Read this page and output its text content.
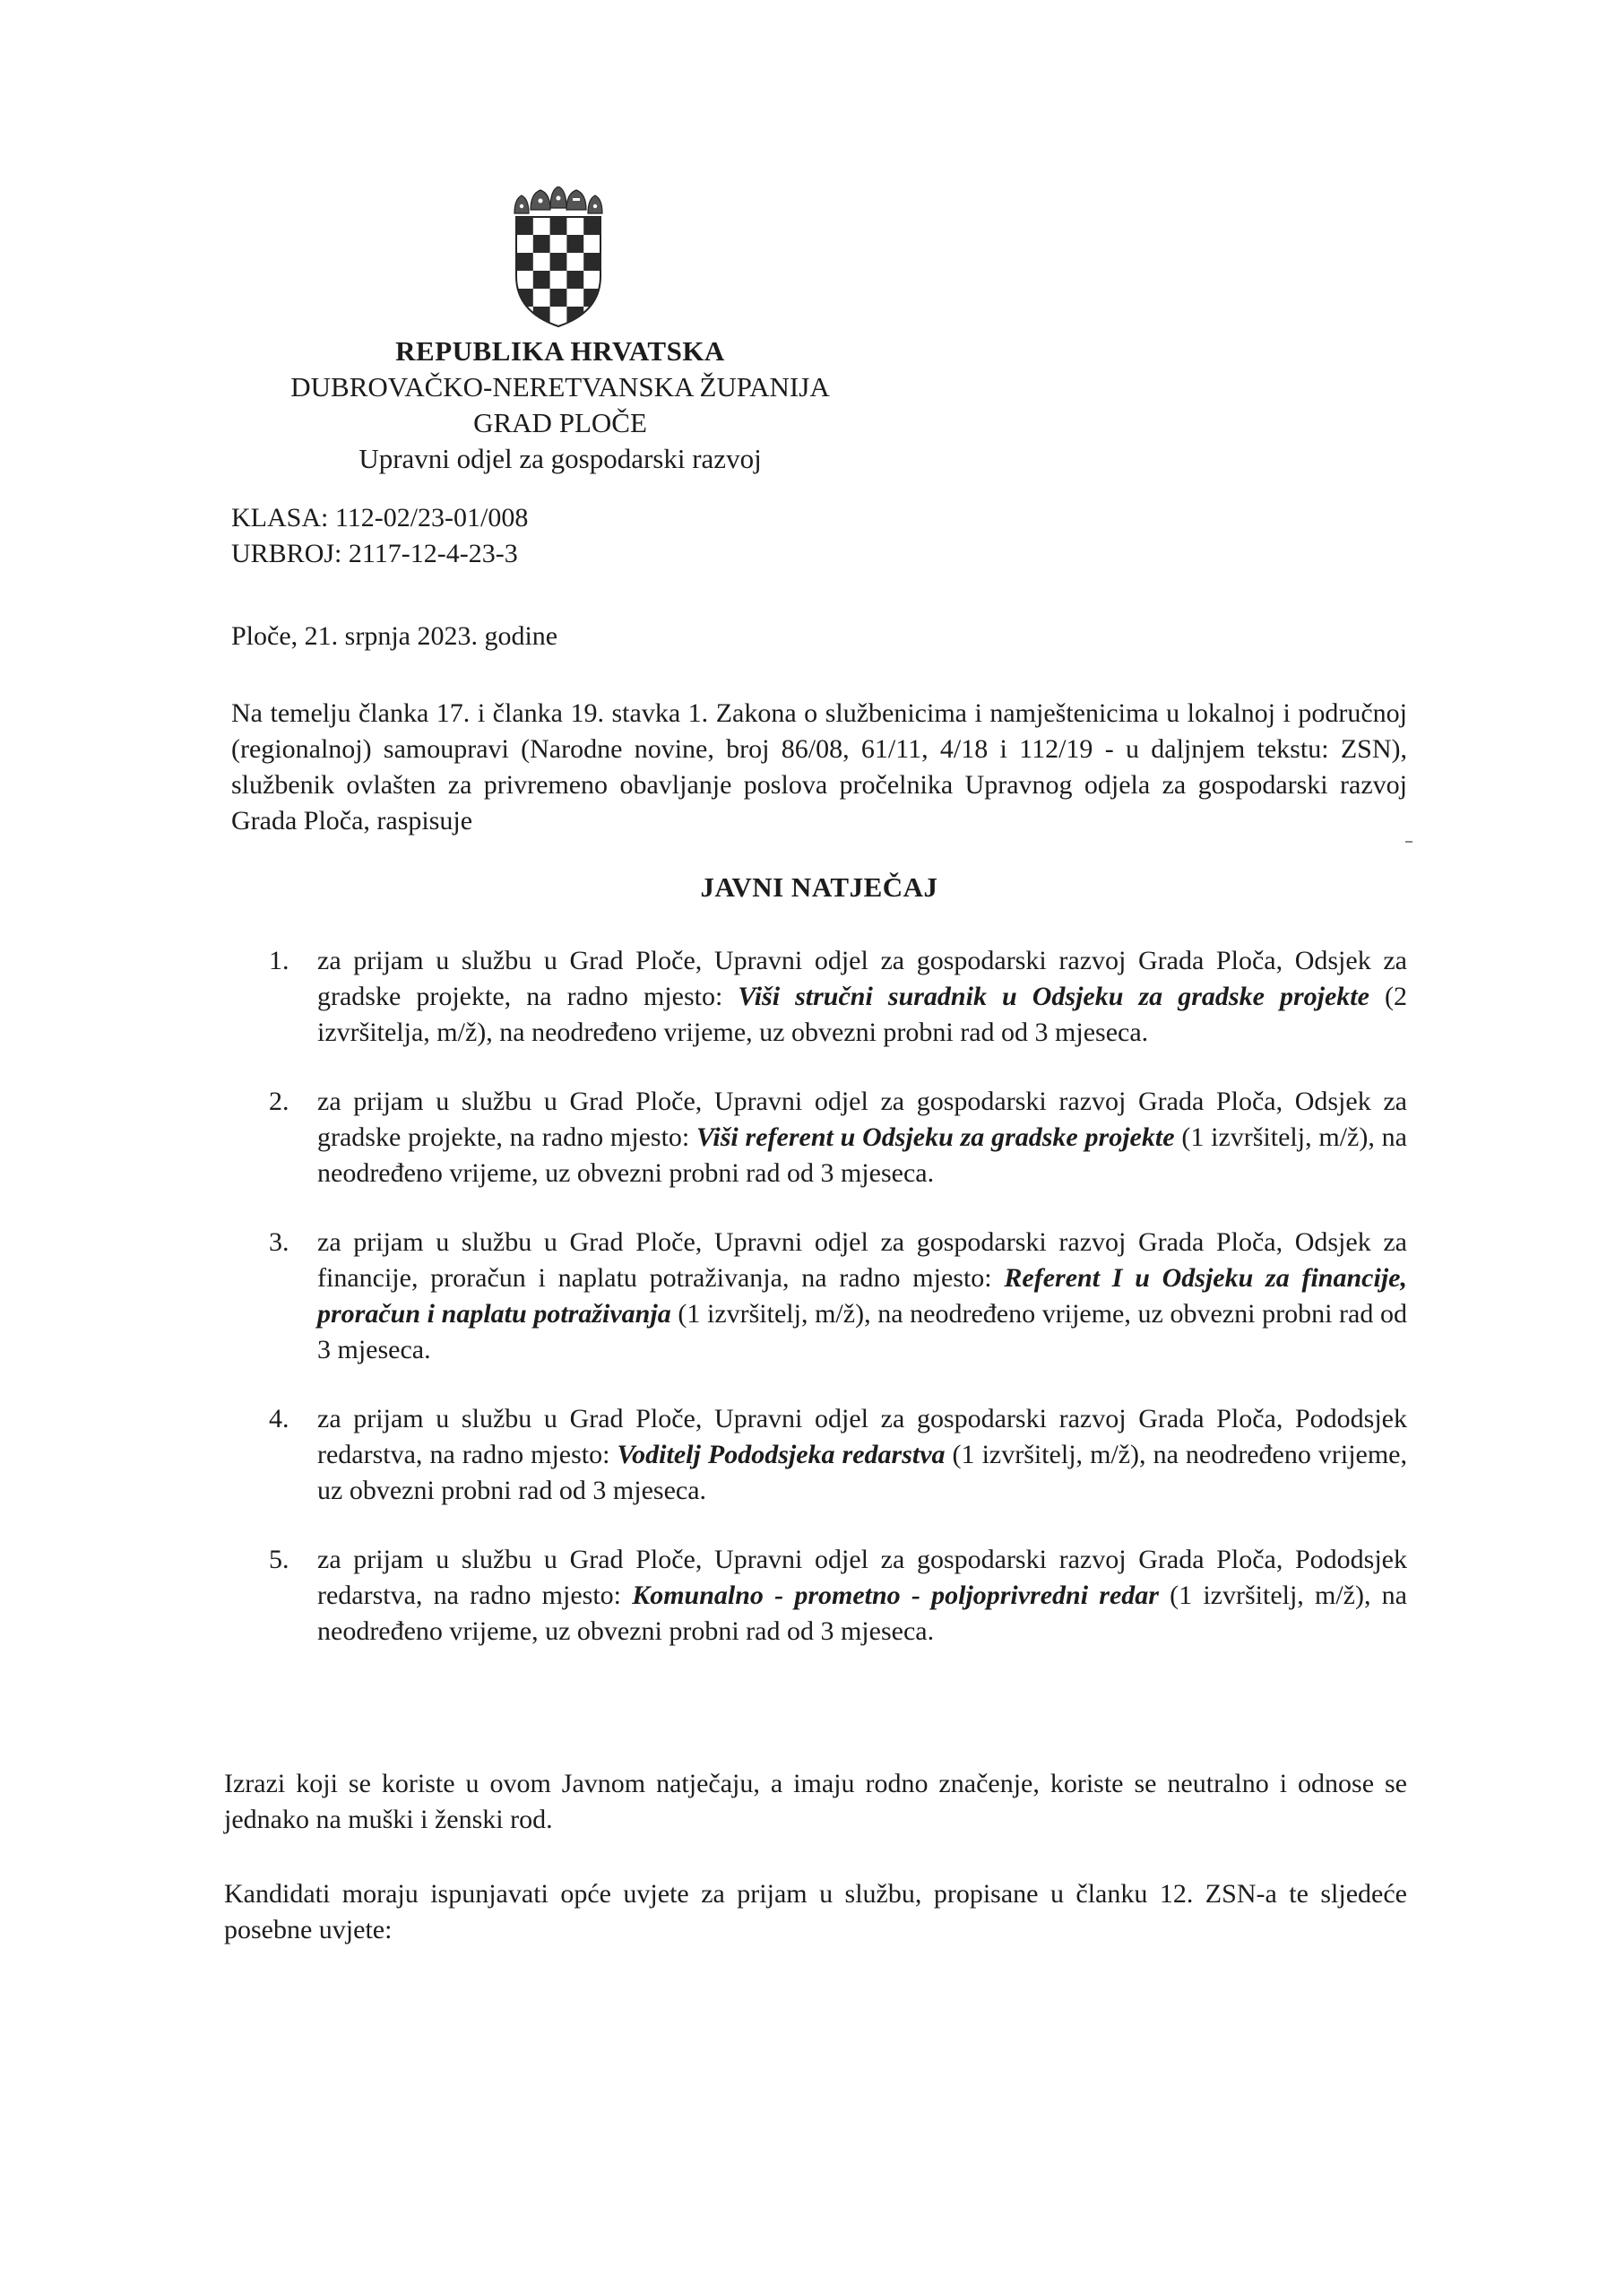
REPUBLIKA HRVATSKA
DUBROVAČKO-NERETVANSKA ŽUPANIJA
GRAD PLOČE
Upravni odjel za gospodarski razvoj
KLASA: 112-02/23-01/008
URBROJ: 2117-12-4-23-3
Ploče, 21. srpnja 2023. godine
Na temelju članka 17. i članka 19. stavka 1. Zakona o službenicima i namještenicima u lokalnoj i područnoj (regionalnoj) samoupravi (Narodne novine, broj 86/08, 61/11, 4/18 i 112/19 - u daljnjem tekstu: ZSN), službenik ovlašten za privremeno obavljanje poslova pročelnika Upravnog odjela za gospodarski razvoj Grada Ploča, raspisuje
JAVNI NATJEČAJ
1. za prijam u službu u Grad Ploče, Upravni odjel za gospodarski razvoj Grada Ploča, Odsjek za gradske projekte, na radno mjesto: Viši stručni suradnik u Odsjeku za gradske projekte (2 izvršitelja, m/ž), na neodređeno vrijeme, uz obvezni probni rad od 3 mjeseca.
2. za prijam u službu u Grad Ploče, Upravni odjel za gospodarski razvoj Grada Ploča, Odsjek za gradske projekte, na radno mjesto: Viši referent u Odsjeku za gradske projekte (1 izvršitelj, m/ž), na neodređeno vrijeme, uz obvezni probni rad od 3 mjeseca.
3. za prijam u službu u Grad Ploče, Upravni odjel za gospodarski razvoj Grada Ploča, Odsjek za financije, proračun i naplatu potraživanja, na radno mjesto: Referent I u Odsjeku za financije, proračun i naplatu potraživanja (1 izvršitelj, m/ž), na neodređeno vrijeme, uz obvezni probni rad od 3 mjeseca.
4. za prijam u službu u Grad Ploče, Upravni odjel za gospodarski razvoj Grada Ploča, Pododsjek redarstva, na radno mjesto: Voditelj Pododsjeka redarstva (1 izvršitelj, m/ž), na neodređeno vrijeme, uz obvezni probni rad od 3 mjeseca.
5. za prijam u službu u Grad Ploče, Upravni odjel za gospodarski razvoj Grada Ploča, Pododsjek redarstva, na radno mjesto: Komunalno - prometno - poljoprivredni redar (1 izvršitelj, m/ž), na neodređeno vrijeme, uz obvezni probni rad od 3 mjeseca.
Izrazi koji se koriste u ovom Javnom natječaju, a imaju rodno značenje, koriste se neutralno i odnose se jednako na muški i ženski rod.
Kandidati moraju ispunjavati opće uvjete za prijam u službu, propisane u članku 12. ZSN-a te sljedeće posebne uvjete:
